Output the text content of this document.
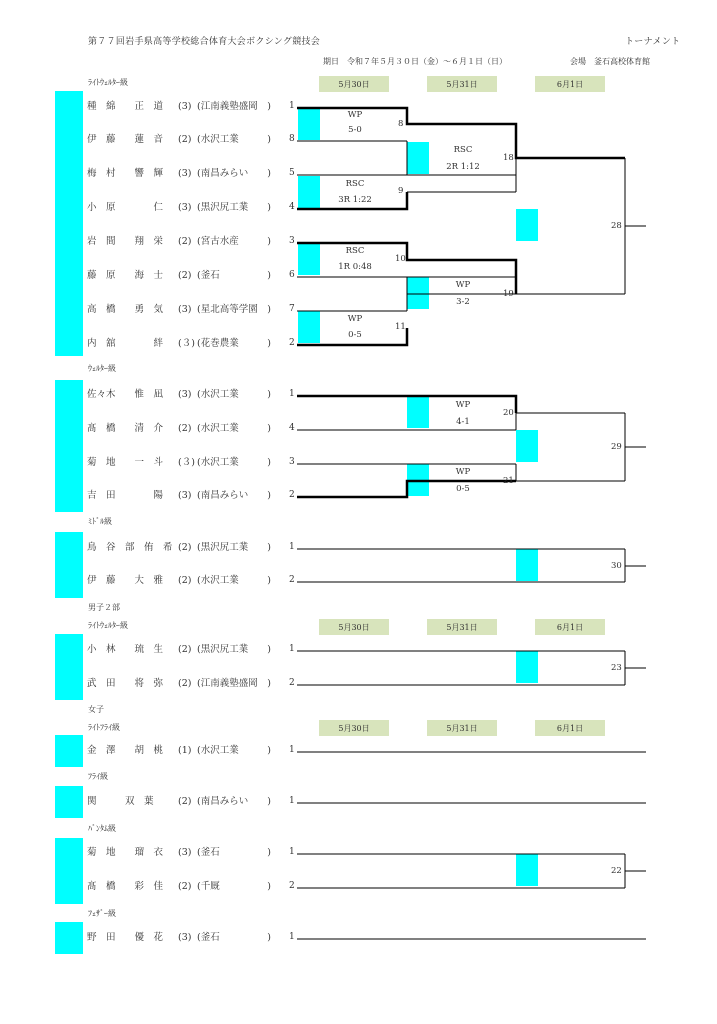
第７７回岩手県高等学校総合体育大会ボクシング競技会	トーナメント
期日　令和７年５月３０日（金）～６月１日（日）	会場　釜石高校体育館
5月30日	5月31日	6月1日
5月30日	5月31日	6月1日
5月30日	5月31日	6月1日
ﾗｲﾄｳｪﾙﾀｰ級
ｳｪﾙﾀｰ級
ﾐﾄﾞﾙ級
男子２部
ﾗｲﾄｳｪﾙﾀｰ級
女子
ﾗｲﾄﾌﾗｲ級
ﾌﾗｲ級
ﾊﾞﾝﾀﾑ級
ﾌｪｻﾞｰ級
種　綿　　正　道 (3) (江南義塾盛岡　) 1
伊　藤　　蓮　音 (2) (水沢工業　　　) 8
梅　村　　響　輝 (3) (南昌みらい　　) 5
小　原　　　　仁 (3) (黒沢尻工業　　) 4
岩　間　　翔　栄 (2) (宮古水産　　　) 3
藤　原　　海　士 (2) (釜石　　　　　) 6
高　橋　　勇　気 (3) (星北高等学園　) 7
内　舘　　　　絆 (３) (花巻農業　　　) 2
佐々木　　惟　凪 (3) (水沢工業　　　) 1
髙　橋　　清　介 (2) (水沢工業　　　) 4
菊　地　　一　斗 (３) (水沢工業　　　) 3
吉　田　　　　陽 (3) (南昌みらい　　) 2
鳥　谷　部　侑　希 (2) (黒沢尻工業　　) 1
伊　藤　　大　雅 (2) (水沢工業　　　) 2
小　林　　琉　生 (2) (黒沢尻工業　　) 1
武　田　　将　弥 (2) (江南義塾盛岡　) 2
金　澤　　胡　桃 (1) (水沢工業　　　) 1
関　　　双　葉	(2) (南昌みらい　　) 1
菊　地　　瑠　衣 (3) (釜石　　　　　) 1
髙　橋　　彩　佳 (2) (千厩　　　　　) 2
野　田　　優　花 (3) (釜石　　　　　) 1
8
WP
5-0
9
RSC
3R 1:22
10
RSC
1R 0:48
11
WP
0-5
18
RSC
2R 1:12
19
WP
3-2
28
20
WP
4-1
21
WP
0-5
29
30
23
22
